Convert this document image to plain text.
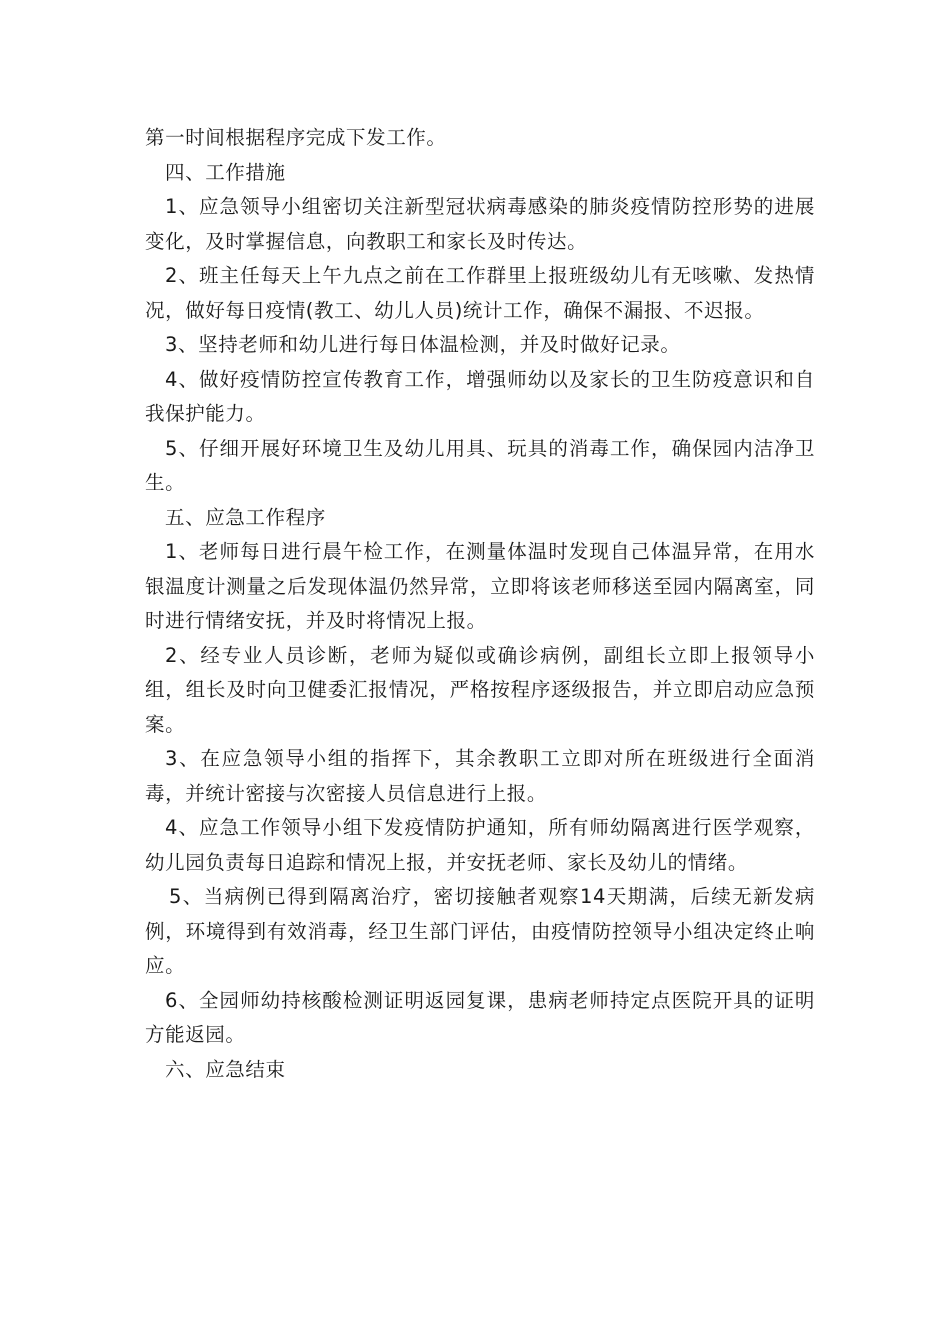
第一时间根据程序完成下发工作。

四、工作措施

1、应急领导小组密切关注新型冠状病毒感染的肺炎疫情防控形势的进展变化，及时掌握信息，向教职工和家长及时传达。

2、班主任每天上午九点之前在工作群里上报班级幼儿有无咳嗽、发热情况，做好每日疫情(教工、幼儿人员)统计工作，确保不漏报、不迟报。

3、坚持老师和幼儿进行每日体温检测，并及时做好记录。

4、做好疫情防控宣传教育工作，增强师幼以及家长的卫生防疫意识和自我保护能力。

5、仔细开展好环境卫生及幼儿用具、玩具的消毒工作，确保园内洁净卫生。

五、应急工作程序

1、老师每日进行晨午检工作，在测量体温时发现自己体温异常，在用水银温度计测量之后发现体温仍然异常，立即将该老师移送至园内隔离室，同时进行情绪安抚，并及时将情况上报。

2、经专业人员诊断，老师为疑似或确诊病例，副组长立即上报领导小组，组长及时向卫健委汇报情况，严格按程序逐级报告，并立即启动应急预案。

3、在应急领导小组的指挥下，其余教职工立即对所在班级进行全面消毒，并统计密接与次密接人员信息进行上报。

4、应急工作领导小组下发疫情防护通知，所有师幼隔离进行医学观察，幼儿园负责每日追踪和情况上报，并安抚老师、家长及幼儿的情绪。

5、当病例已得到隔离治疗，密切接触者观察14天期满，后续无新发病例，环境得到有效消毒，经卫生部门评估，由疫情防控领导小组决定终止响应。

6、全园师幼持核酸检测证明返园复课，患病老师持定点医院开具的证明方能返园。

六、应急结束
